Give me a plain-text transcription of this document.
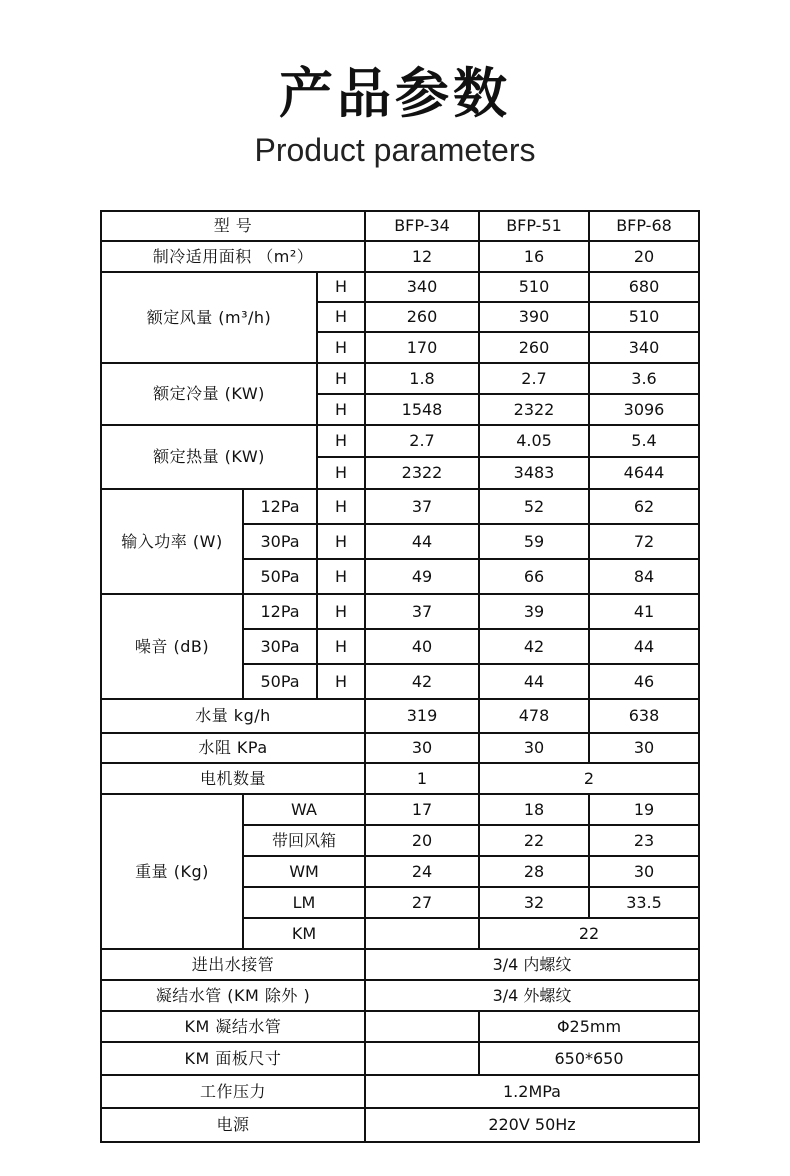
产品参数
Product parameters
型 号			BFP-34	BFP-51	BFP-68
制冷适用面积 （m²）			12	16	20
额定风量 (m³/h)		H	340	510	680
		H	260	390	510
		H	170	260	340
额定冷量 (KW)		H	1.8	2.7	3.6
		H	1548	2322	3096
额定热量 (KW)		H	2.7	4.05	5.4
		H	2322	3483	4644
输入功率 (W)	12Pa	H	37	52	62
	30Pa	H	44	59	72
	50Pa	H	49	66	84
噪音 (dB)	12Pa	H	37	39	41
	30Pa	H	40	42	44
	50Pa	H	42	44	46
水量 kg/h			319	478	638
水阻 KPa			30	30	30
电机数量			1	2	
重量 (Kg)	WA		17	18	19
	带回风箱		20	22	23
	WM		24	28	30
	LM		27	32	33.5
	KM			22	
进出水接管			3/4 内螺纹		
凝结水管 (KM 除外 )			3/4 外螺纹		
KM 凝结水管				Φ25mm	
KM 面板尺寸				650*650	
工作压力			1.2MPa		
电源			220V 50Hz		
